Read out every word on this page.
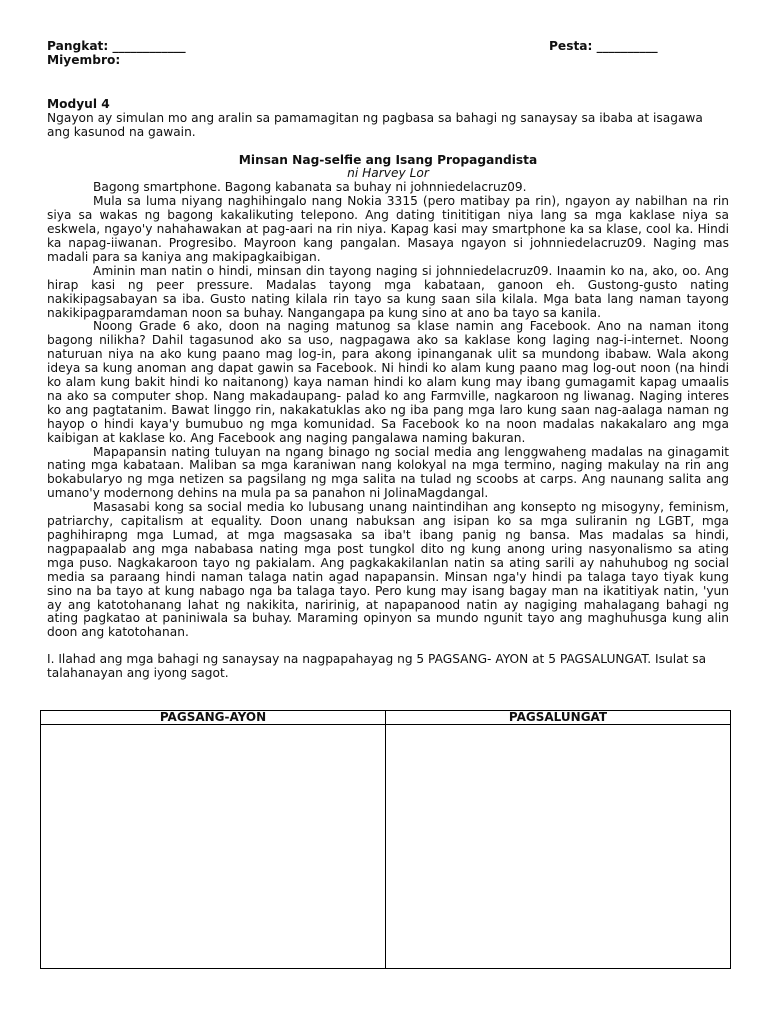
Pangkat: ____________	Pesta: __________
Miyembro:
Modyul 4
Ngayon ay simulan mo ang aralin sa pamamagitan ng pagbasa sa bahagi ng sanaysay sa ibaba at isagawa ang kasunod na gawain.
Minsan Nag-selfie ang Isang Propagandista
ni Harvey Lor

Bagong smartphone. Bagong kabanata sa buhay ni johnniedelacruz09.

Mula sa luma niyang naghihingalo nang Nokia 3315 (pero matibay pa rin), ngayon ay nabilhan na rin siya sa wakas ng bagong kakalikuting telepono. Ang dating tinititigan niya lang sa mga kaklase niya sa eskwela, ngayo'y nahahawakan at pag-aari na rin niya. Kapag kasi may smartphone ka sa klase, cool ka. Hindi ka napag-iiwanan. Progresibo. Mayroon kang pangalan. Masaya ngayon si johnniedelacruz09. Naging mas madali para sa kaniya ang makipagkaibigan.

Aminin man natin o hindi, minsan din tayong naging si johnniedelacruz09. Inaamin ko na, ako, oo. Ang hirap kasi ng peer pressure. Madalas tayong mga kabataan, ganoon eh. Gustong-gusto nating nakikipagsabayan sa iba. Gusto nating kilala rin tayo sa kung saan sila kilala. Mga bata lang naman tayong nakikipagparamdaman noon sa buhay. Nangangapa pa kung sino at ano ba tayo sa kanila.

Noong Grade 6 ako, doon na naging matunog sa klase namin ang Facebook. Ano na naman itong bagong nilikha? Dahil tagasunod ako sa uso, nagpagawa ako sa kaklase kong laging nag-i-internet. Noong naturuan niya na ako kung paano mag log-in, para akong ipinanganak ulit sa mundong ibabaw. Wala akong ideya sa kung anoman ang dapat gawin sa Facebook. Ni hindi ko alam kung paano mag log-out noon (na hindi ko alam kung bakit hindi ko naitanong) kaya naman hindi ko alam kung may ibang gumagamit kapag umaalis na ako sa computer shop. Nang makadaupang- palad ko ang Farmville, nagkaroon ng liwanag. Naging interes ko ang pagtatanim. Bawat linggo rin, nakakatuklas ako ng iba pang mga laro kung saan nag-aalaga naman ng hayop o hindi kaya'y bumubuo ng mga komunidad. Sa Facebook ko na noon madalas nakakalaro ang mga kaibigan at kaklase ko. Ang Facebook ang naging pangalawa naming bakuran.

Mapapansin nating tuluyan na ngang binago ng social media ang lenggwaheng madalas na ginagamit nating mga kabataan. Maliban sa mga karaniwan nang kolokyal na mga termino, naging makulay na rin ang bokabularyo ng mga netizen sa pagsilang ng mga salita na tulad ng scoobs at carps. Ang naunang salita ang umano'y modernong dehins na mula pa sa panahon ni JolinaMagdangal.

Masasabi kong sa social media ko lubusang unang naintindihan ang konsepto ng misogyny, feminism, patriarchy, capitalism at equality. Doon unang nabuksan ang isipan ko sa mga suliranin ng LGBT, mga paghihirapng mga Lumad, at mga magsasaka sa iba't ibang panig ng bansa. Mas madalas sa hindi, nagpapaalab ang mga nababasa nating mga post tungkol dito ng kung anong uring nasyonalismo sa ating mga puso. Nagkakaroon tayo ng pakialam. Ang pagkakakilanlan natin sa ating sarili ay nahuhubog ng social media sa paraang hindi naman talaga natin agad napapansin. Minsan nga'y hindi pa talaga tayo tiyak kung sino na ba tayo at kung nabago nga ba talaga tayo. Pero kung may isang bagay man na ikatitiyak natin, 'yun ay ang katotohanang lahat ng nakikita, naririnig, at napapanood natin ay nagiging mahalagang bahagi ng ating pagkatao at paniniwala sa buhay. Maraming opinyon sa mundo ngunit tayo ang maghuhusga kung alin doon ang katotohanan.

I. Ilahad ang mga bahagi ng sanaysay na nagpapahayag ng 5 PAGSANG- AYON at 5 PAGSALUNGAT. Isulat sa talahanayan ang iyong sagot.
PAGSANG-AYON	PAGSALUNGAT
